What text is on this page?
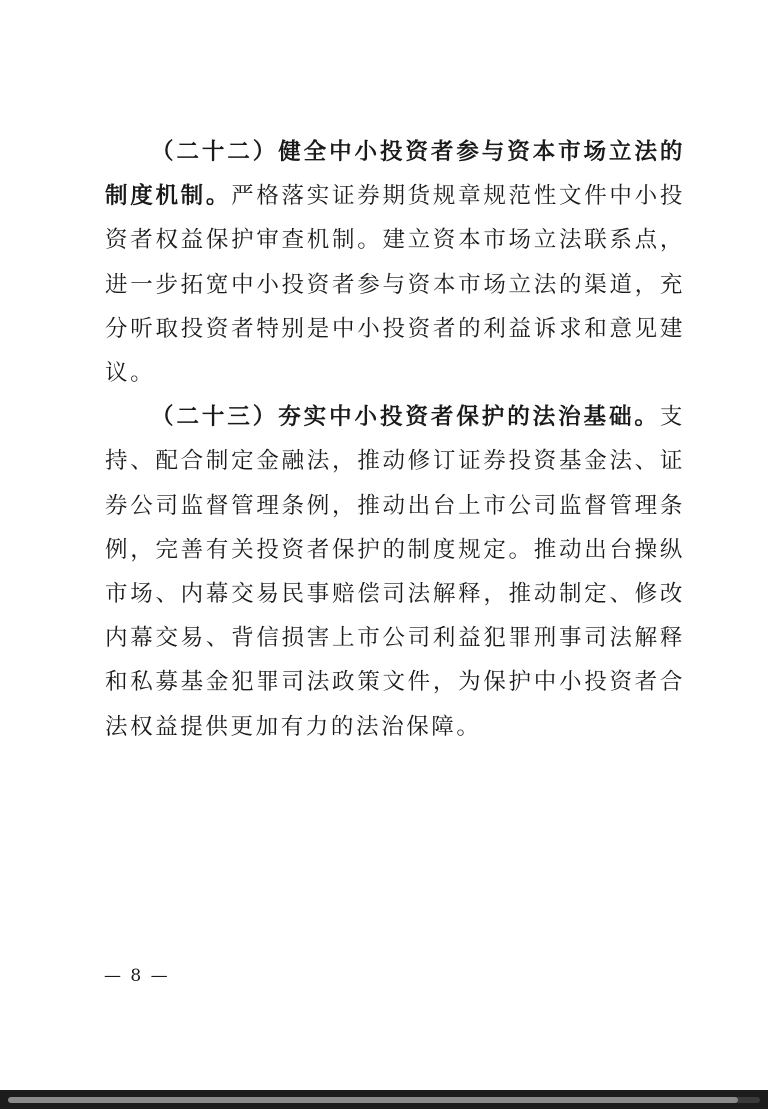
（二十二）健全中小投资者参与资本市场立法的制度机制。严格落实证券期货规章规范性文件中小投资者权益保护审查机制。建立资本市场立法联系点，进一步拓宽中小投资者参与资本市场立法的渠道，充分听取投资者特别是中小投资者的利益诉求和意见建议。

（二十三）夯实中小投资者保护的法治基础。支持、配合制定金融法，推动修订证券投资基金法、证券公司监督管理条例，推动出台上市公司监督管理条例，完善有关投资者保护的制度规定。推动出台操纵市场、内幕交易民事赔偿司法解释，推动制定、修改内幕交易、背信损害上市公司利益犯罪刑事司法解释和私募基金犯罪司法政策文件，为保护中小投资者合法权益提供更加有力的法治保障。

— 8 —
